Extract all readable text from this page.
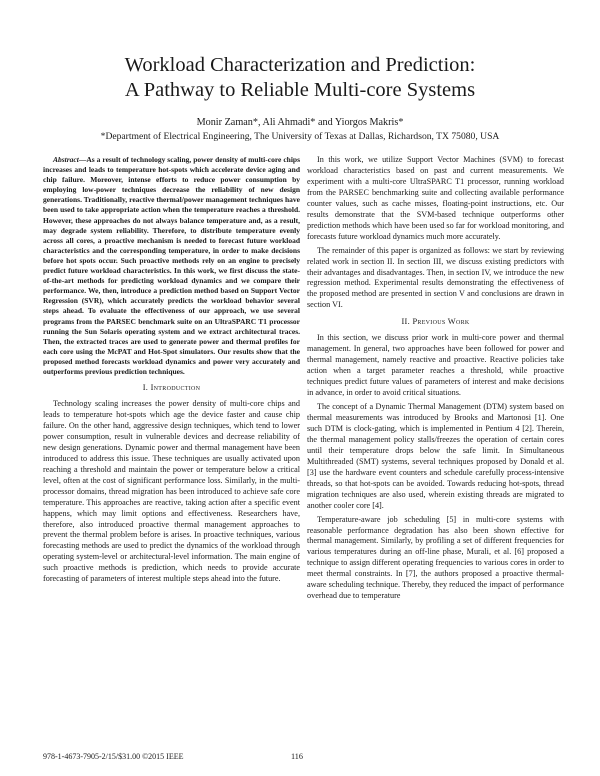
Workload Characterization and Prediction:
A Pathway to Reliable Multi-core Systems
Monir Zaman*, Ali Ahmadi* and Yiorgos Makris*
*Department of Electrical Engineering, The University of Texas at Dallas, Richardson, TX 75080, USA

Abstract—As a result of technology scaling, power density of multi-core chips increases and leads to temperature hot-spots which accelerate device aging and chip failure. Moreover, intense efforts to reduce power consumption by employing low-power techniques decrease the reliability of new design generations. Traditionally, reactive thermal/power management techniques have been used to take appropriate action when the temperature reaches a threshold. However, these approaches do not always balance temperature and, as a result, may degrade system reliability. Therefore, to distribute temperature evenly across all cores, a proactive mechanism is needed to forecast future workload characteristics and the corresponding temperature, in order to make decisions before hot spots occur. Such proactive methods rely on an engine to precisely predict future workload characteristics. In this work, we first discuss the state-of-the-art methods for predicting workload dynamics and we compare their performance. We, then, introduce a prediction method based on Support Vector Regression (SVR), which accurately predicts the workload behavior several steps ahead. To evaluate the effectiveness of our approach, we use several programs from the PARSEC benchmark suite on an UltraSPARC T1 processor running the Sun Solaris operating system and we extract architectural traces. Then, the extracted traces are used to generate power and thermal profiles for each core using the McPAT and Hot-Spot simulators. Our results show that the proposed method forecasts workload dynamics and power very accurately and outperforms previous prediction techniques.

I. Introduction

Technology scaling increases the power density of multi-core chips and leads to temperature hot-spots which age the device faster and cause chip failure. On the other hand, aggressive design techniques, which tend to lower power consumption, result in vulnerable devices and decrease reliability of new design generations. Dynamic power and thermal management have been introduced to address this issue. These techniques are usually activated upon reaching a threshold and maintain the power or temperature below a critical level, often at the cost of significant performance loss. Similarly, in the multi-processor domains, thread migration has been introduced to achieve safe core temperature. This approaches are reactive, taking action after a specific event happens, which may limit options and effectiveness. Researchers have, therefore, also introduced proactive thermal management approaches to prevent the thermal problem before is arises. In proactive techniques, various forecasting methods are used to predict the dynamics of the workload through operating system-level or architectural-level information. The main engine of such proactive methods is prediction, which needs to provide accurate forecasting of parameters of interest multiple steps ahead into the future.

In this work, we utilize Support Vector Machines (SVM) to forecast workload characteristics based on past and current measurements. We experiment with a multi-core UltraSPARC T1 processor, running workload from the PARSEC benchmarking suite and collecting available performance counter values, such as cache misses, floating-point instructions, etc. Our results demonstrate that the SVM-based technique outperforms other prediction methods which have been used so far for workload monitoring, and forecasts future workload dynamics much more accurately.

The remainder of this paper is organized as follows: we start by reviewing related work in section II. In section III, we discuss existing predictors with their advantages and disadvantages. Then, in section IV, we introduce the new regression method. Experimental results demonstrating the effectiveness of the proposed method are presented in section V and conclusions are drawn in section VI.

II. Previous Work

In this section, we discuss prior work in multi-core power and thermal management. In general, two approaches have been followed for power and thermal management, namely reactive and proactive. Reactive policies take action when a target parameter reaches a threshold, while proactive techniques predict future values of parameters of interest and make decisions in advance, in order to avoid critical situations.

The concept of a Dynamic Thermal Management (DTM) system based on thermal measurements was introduced by Brooks and Martonosi [1]. One such DTM is clock-gating, which is implemented in Pentium 4 [2]. Therein, the thermal management policy stalls/freezes the operation of certain cores until their temperature drops below the safe limit. In Simultaneous Multithreaded (SMT) systems, several techniques proposed by Donald et al. [3] use the hardware event counters and schedule carefully process-intensive threads, so that hot-spots can be avoided. Towards reducing hot-spots, thread migration techniques are also used, wherein existing threads are migrated to another cooler core [4].

Temperature-aware job scheduling [5] in multi-core systems with reasonable performance degradation has also been shown effective for thermal management. Similarly, by profiling a set of different frequencies for various temperatures during an off-line phase, Murali, et al. [6] proposed a technique to assign different operating frequencies to various cores in order to meet thermal constraints. In [7], the authors proposed a proactive thermal-aware scheduling technique. Thereby, they reduced the impact of performance overhead due to temperature

978-1-4673-7905-2/15/$31.00 ©2015 IEEE	116
